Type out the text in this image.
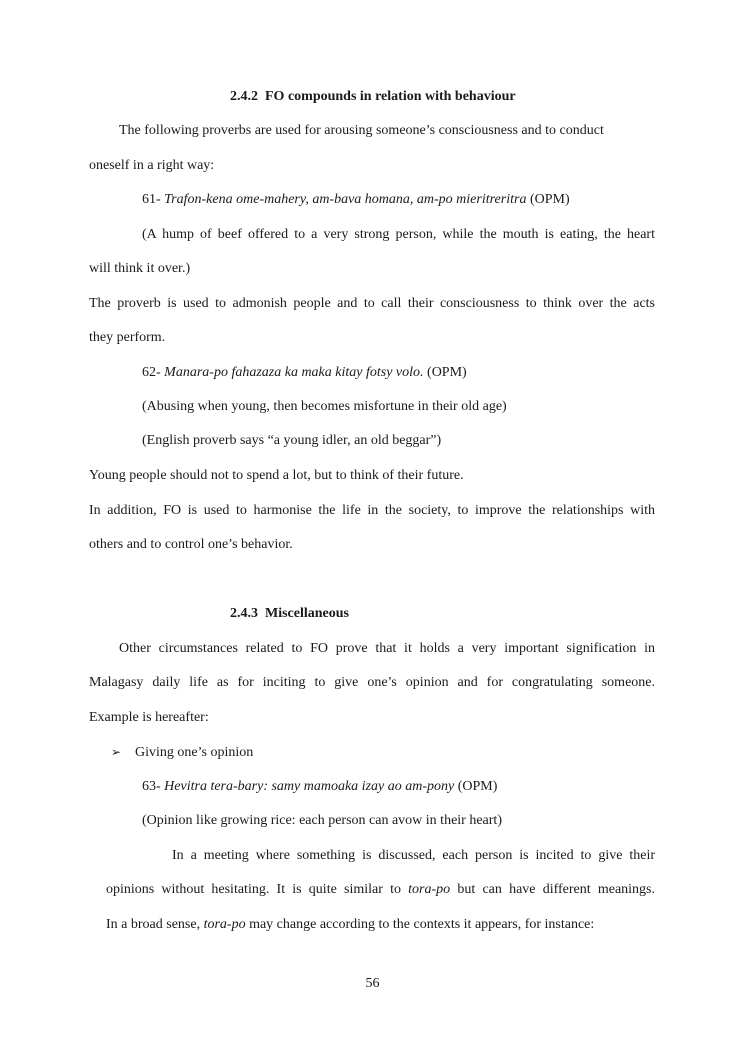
2.4.2 FO compounds in relation with behaviour
The following proverbs are used for arousing someone’s consciousness and to conduct
oneself in a right way:
61- Trafon-kena ome-mahery, am-bava homana, am-po mieritreritra (OPM)
(A hump of beef offered to a very strong person, while the mouth is eating, the heart
will think it over.)
The proverb is used to admonish people and to call their consciousness to think over the acts
they perform.
62- Manara-po fahazaza ka maka kitay fotsy volo. (OPM)
(Abusing when young, then becomes misfortune in their old age)
(English proverb says “a young idler, an old beggar”)
Young people should not to spend a lot, but to think of their future.
In addition, FO is used to harmonise the life in the society, to improve the relationships with
others and to control one’s behavior.
2.4.3 Miscellaneous
Other circumstances related to FO prove that it holds a very important signification in
Malagasy daily life as for inciting to give one’s opinion and for congratulating someone.
Example is hereafter:
➢ Giving one’s opinion
63- Hevitra tera-bary: samy mamoaka izay ao am-pony (OPM)
(Opinion like growing rice: each person can avow in their heart)
In a meeting where something is discussed, each person is incited to give their
opinions without hesitating. It is quite similar to tora-po but can have different meanings.
In a broad sense, tora-po may change according to the contexts it appears, for instance:
56
